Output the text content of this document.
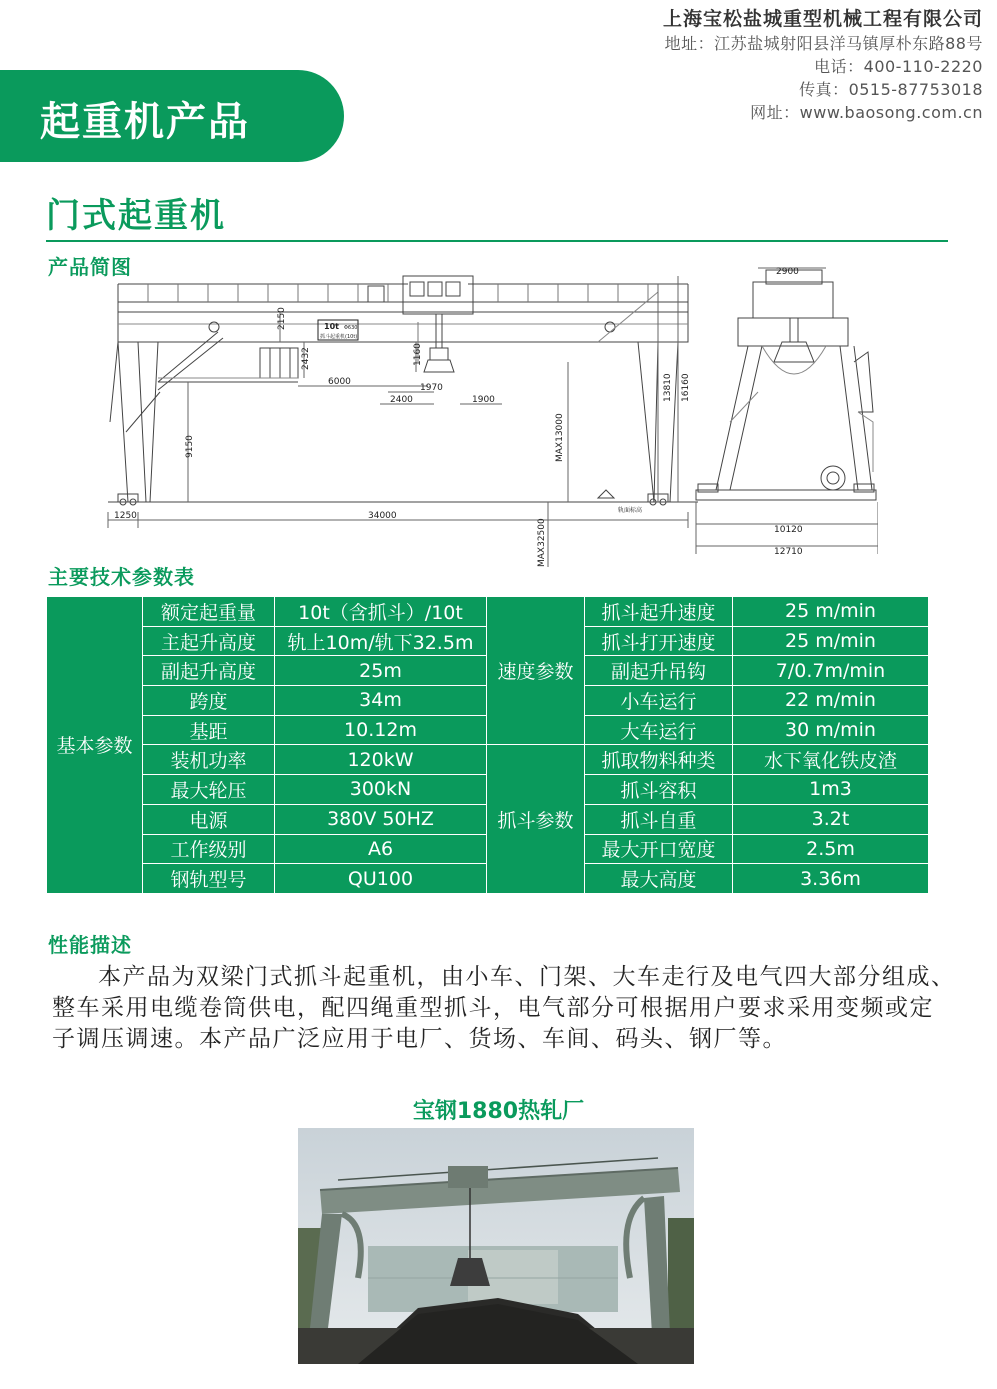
上海宝松盐城重型机械工程有限公司
地址：江苏盐城射阳县洋马镇厚朴东路88号
电话：400-110-2220
传真：0515-87753018
网址：www.baosong.com.cn
起重机产品
门式起重机
产品简图
10t Φ630
抓斗起重机(10t)
2150
2432
6000
1970
2400	1900
1160
9150
1250	34000
MAX13000
13810 16160
MAX32500
轨面标高
2900
10120
12710
主要技术参数表
基本参数	额定起重量	10t（含抓斗）/10t	速度参数	抓斗起升速度	25 m/min
	主起升高度	轨上10m/轨下32.5m		抓斗打开速度	25 m/min
	副起升高度	25m		副起升吊钩	7/0.7m/min
	跨度	34m		小车运行	22 m/min
	基距	10.12m		大车运行	30 m/min
	装机功率	120kW	抓斗参数	抓取物料种类	水下氧化铁皮渣
	最大轮压	300kN		抓斗容积	1m3
	电源	380V 50HZ		抓斗自重	3.2t
	工作级别	A6		最大开口宽度	2.5m
	钢轨型号	QU100		最大高度	3.36m
性能描述

本产品为双梁门式抓斗起重机，由小车、门架、大车走行及电气四大部分组成、整车采用电缆卷筒供电，配四绳重型抓斗，电气部分可根据用户要求采用变频或定子调压调速。本产品广泛应用于电厂、货场、车间、码头、钢厂等。

宝钢1880热轧厂
